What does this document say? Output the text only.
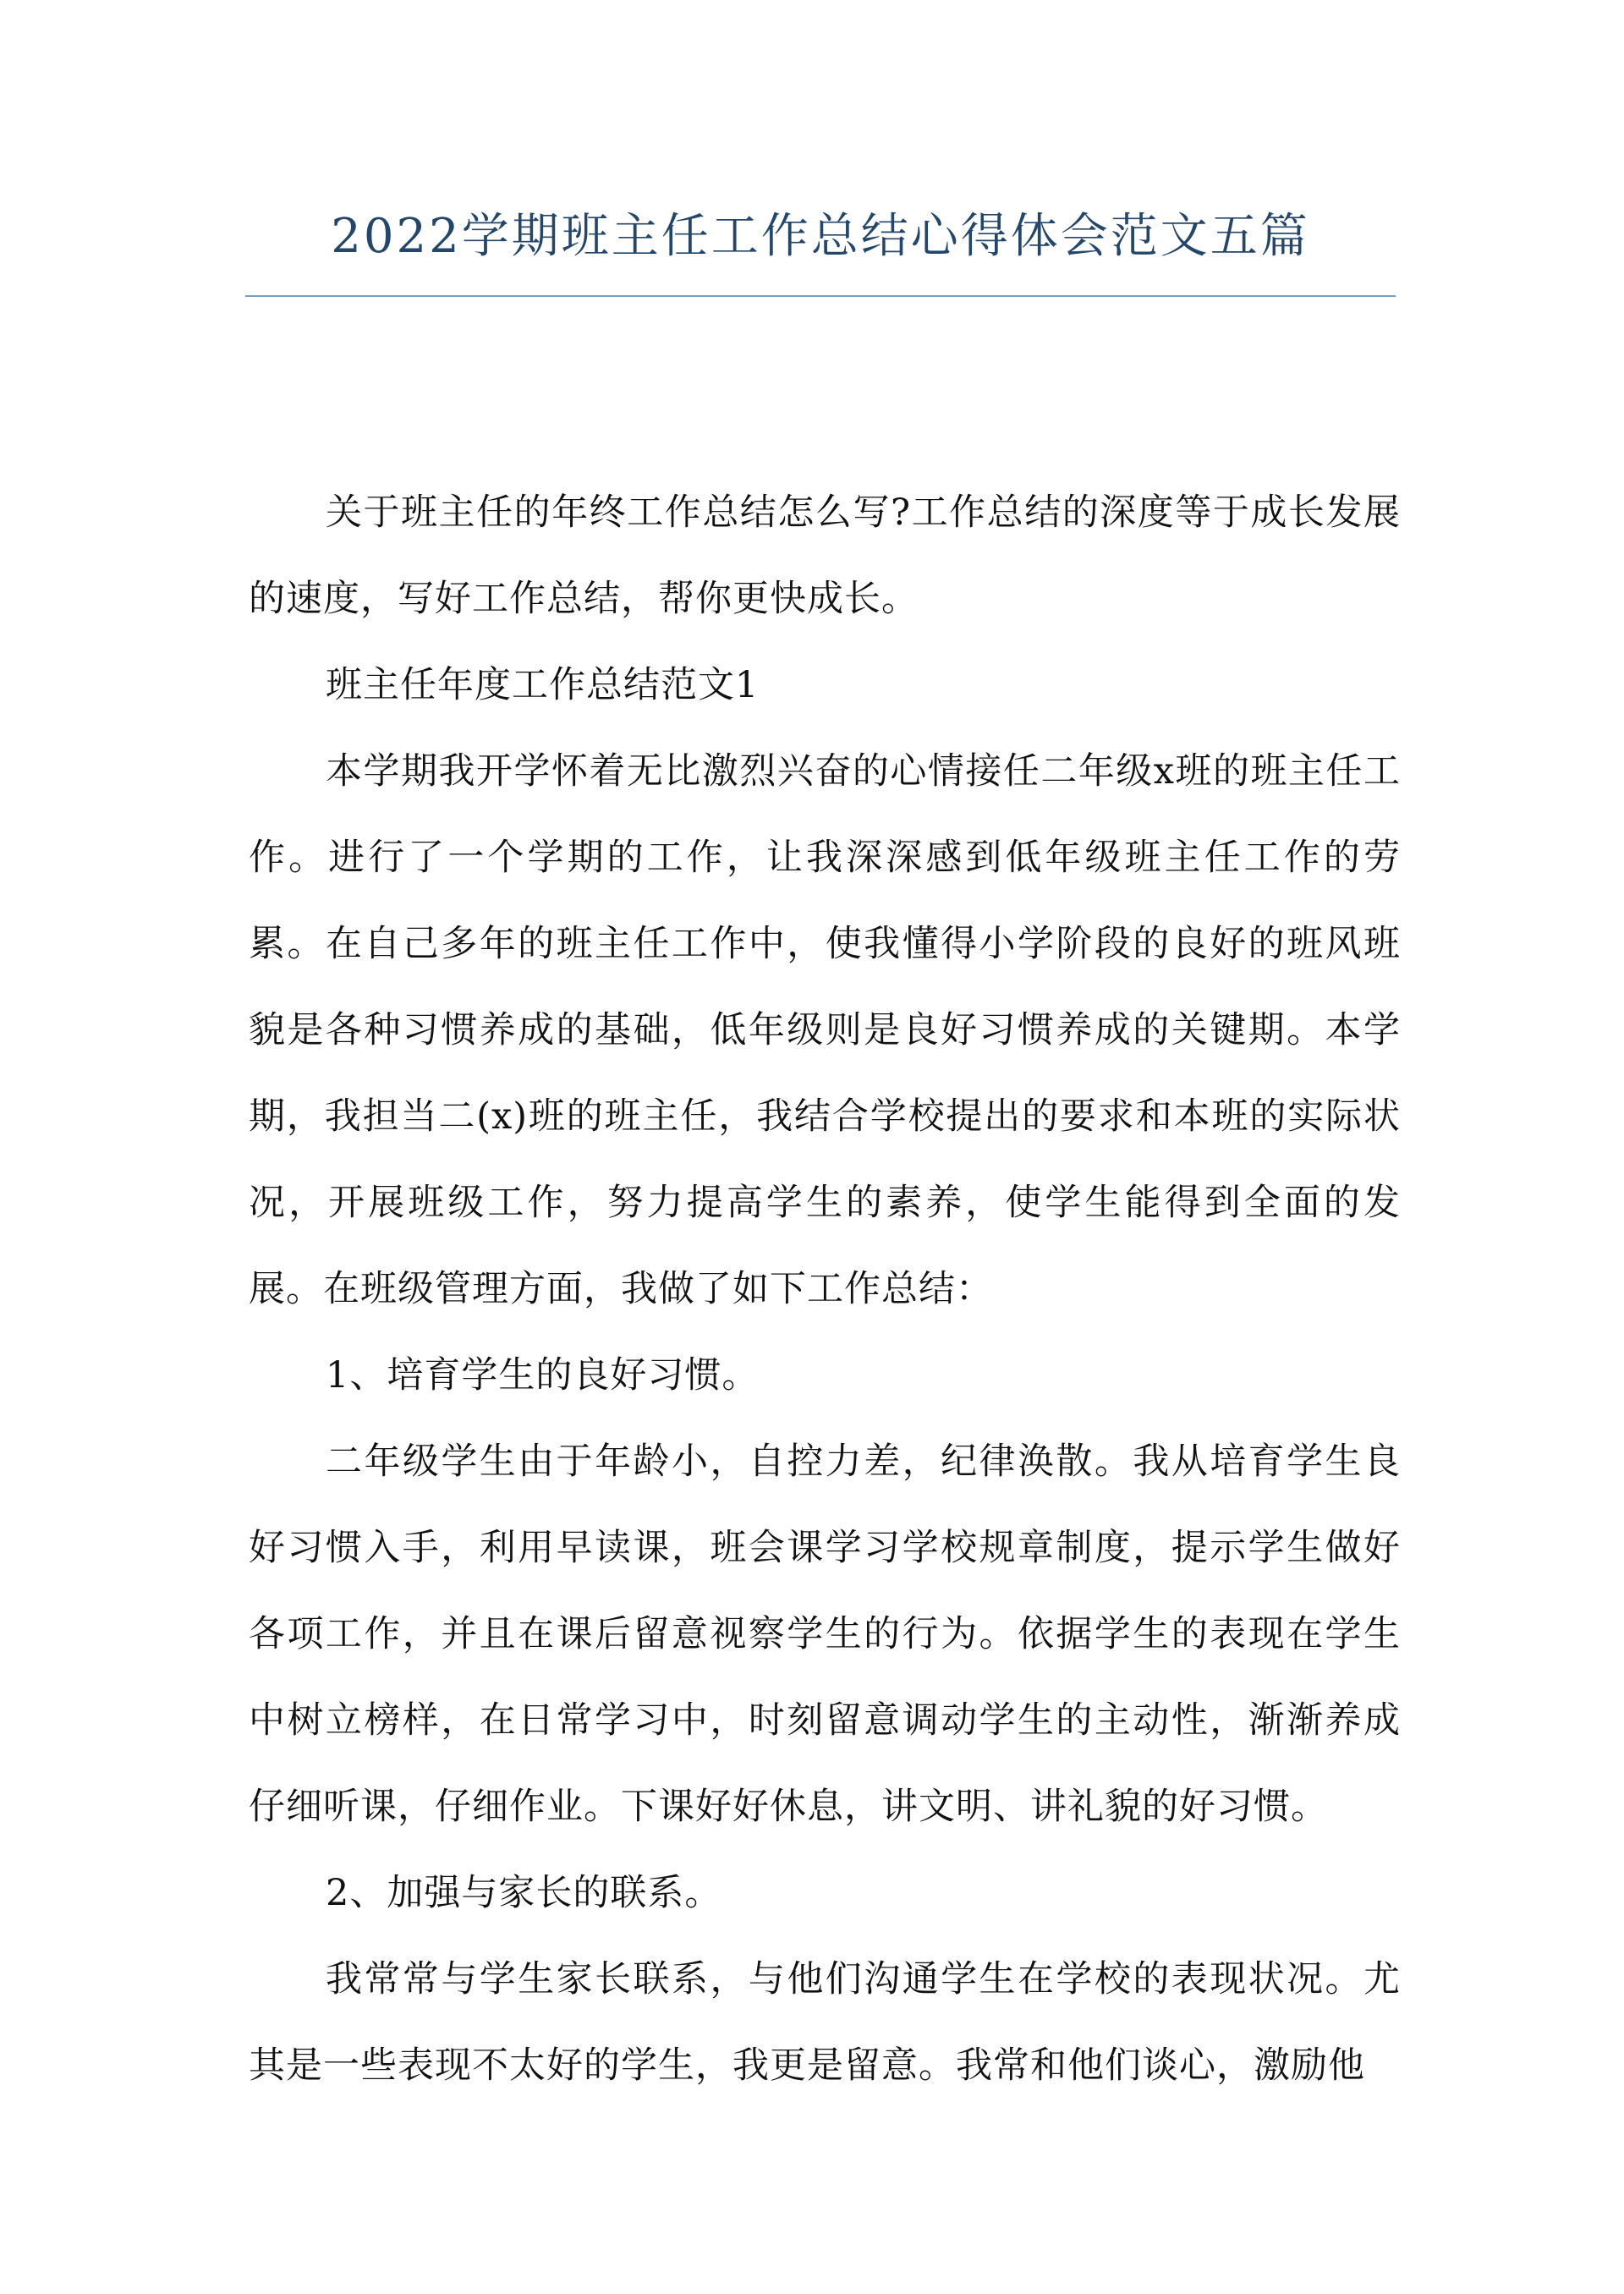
2022学期班主任工作总结心得体会范文五篇

关于班主任的年终工作总结怎么写?工作总结的深度等于成长发展的速度，写好工作总结，帮你更快成长。

班主任年度工作总结范文1

本学期我开学怀着无比激烈兴奋的心情接任二年级x班的班主任工作。进行了一个学期的工作，让我深深感到低年级班主任工作的劳累。在自己多年的班主任工作中，使我懂得小学阶段的良好的班风班貌是各种习惯养成的基础，低年级则是良好习惯养成的关键期。本学期，我担当二(x)班的班主任，我结合学校提出的要求和本班的实际状况，开展班级工作，努力提高学生的素养，使学生能得到全面的发展。在班级管理方面，我做了如下工作总结：

1、培育学生的良好习惯。

二年级学生由于年龄小，自控力差，纪律涣散。我从培育学生良好习惯入手，利用早读课，班会课学习学校规章制度，提示学生做好各项工作，并且在课后留意视察学生的行为。依据学生的表现在学生中树立榜样，在日常学习中，时刻留意调动学生的主动性，渐渐养成仔细听课，仔细作业。下课好好休息，讲文明、讲礼貌的好习惯。

2、加强与家长的联系。

我常常与学生家长联系，与他们沟通学生在学校的表现状况。尤其是一些表现不太好的学生，我更是留意。我常和他们谈心，激励他
